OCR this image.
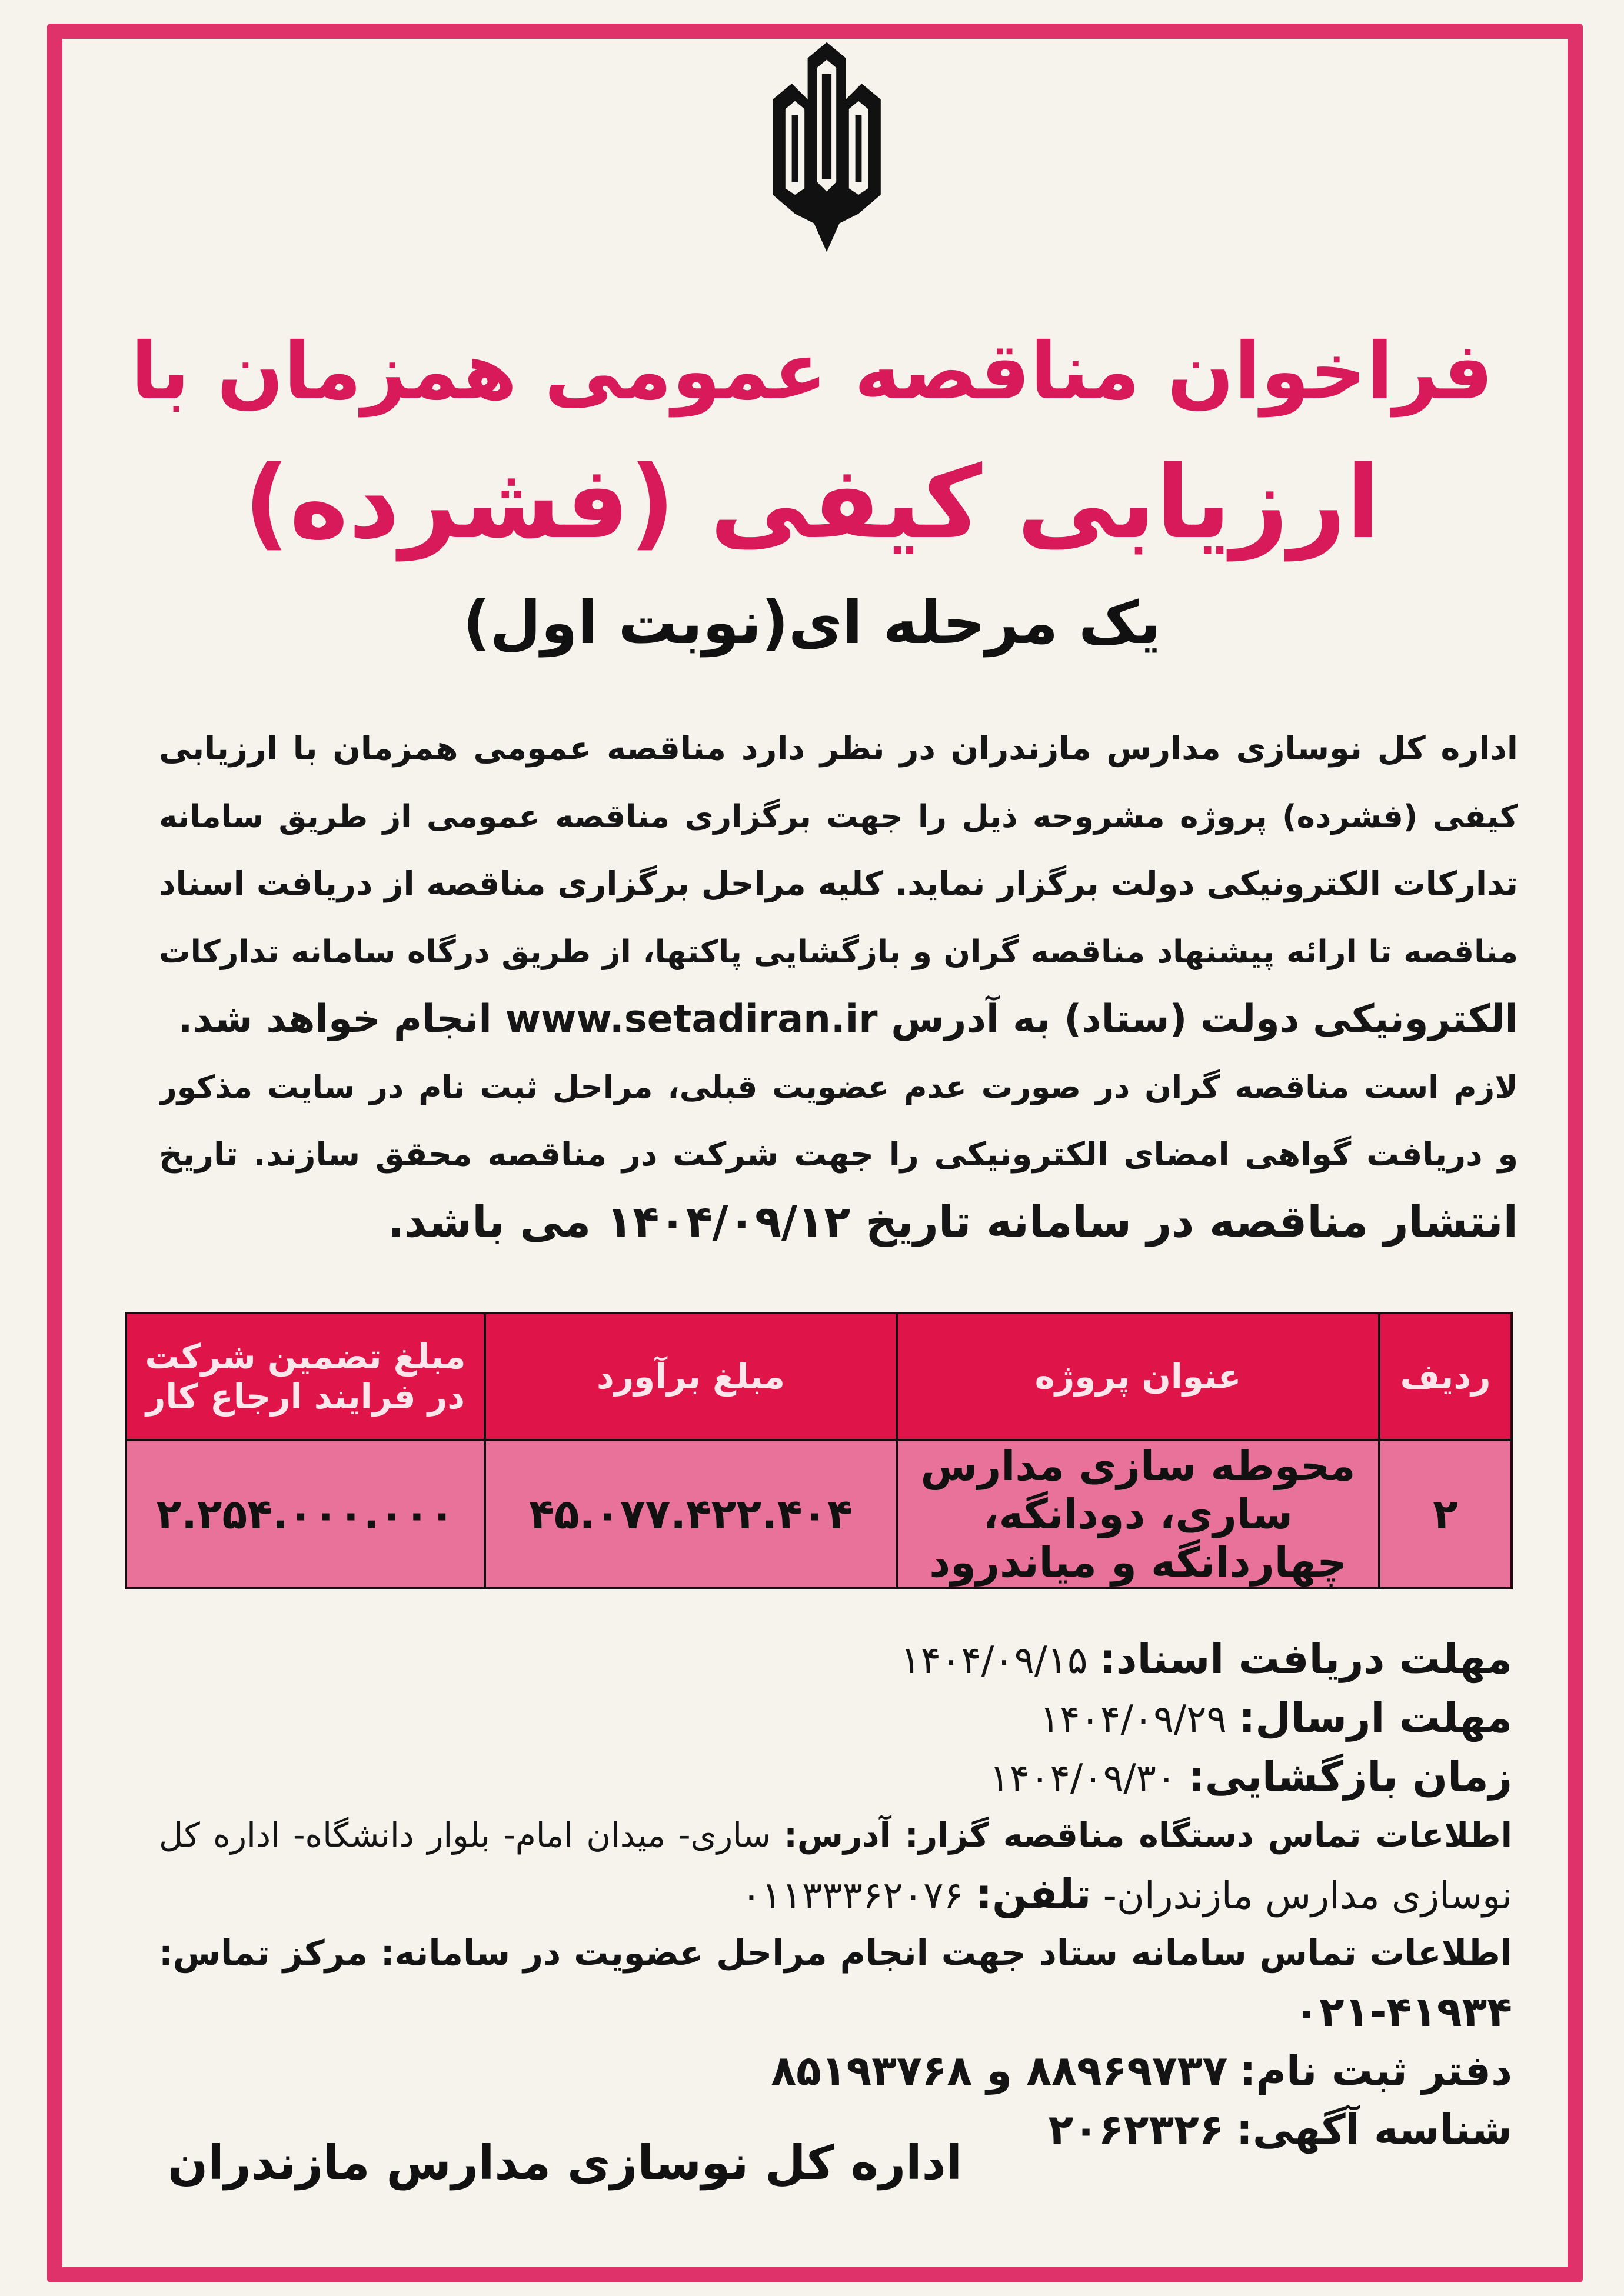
فراخوان مناقصه عمومی همزمان با
ارزیابی کیفی (فشرده)
یک مرحله ای(نوبت اول)
اداره کل نوسازی مدارس مازندران در نظر دارد مناقصه عمومی همزمان با ارزیابی
کیفی (فشرده) پروژه مشروحه ذیل را جهت برگزاری مناقصه عمومی از طریق سامانه
تدارکات الکترونیکی دولت برگزار نماید. کلیه مراحل برگزاری مناقصه از دریافت اسناد
مناقصه تا ارائه پیشنهاد مناقصه گران و بازگشایی پاکتها، از طریق درگاه سامانه تدارکات
الکترونیکی دولت (ستاد) به آدرس www.setadiran.ir انجام خواهد شد.
لازم است مناقصه گران در صورت عدم عضویت قبلی، مراحل ثبت نام در سایت مذکور
و دریافت گواهی امضای الکترونیکی را جهت شرکت در مناقصه محقق سازند. تاریخ
انتشار مناقصه در سامانه تاریخ ۱۴۰۴/۰۹/۱۲ می باشد.
ردیف	عنوان پروژه	مبلغ برآورد	مبلغ تضمین شرکت در فرایند ارجاع کار
۲	محوطه سازی مدارس ساری، دودانگه، چهاردانگه و میاندرود	۴۵.۰۷۷.۴۲۲.۴۰۴	۲.۲۵۴.۰۰۰.۰۰۰
مهلت دریافت اسناد: ۱۴۰۴/۰۹/۱۵
مهلت ارسال: ۱۴۰۴/۰۹/۲۹
زمان بازگشایی: ۱۴۰۴/۰۹/۳۰
اطلاعات تماس دستگاه مناقصه گزار: آدرس: ساری- میدان امام- بلوار دانشگاه- اداره کل
نوسازی مدارس مازندران- تلفن: ۰۱۱۳۳۳۶۲۰۷۶
اطلاعات تماس سامانه ستاد جهت انجام مراحل عضویت در سامانه: مرکز تماس:
۰۲۱-۴۱۹۳۴
دفتر ثبت نام: ۸۸۹۶۹۷۳۷ و ۸۵۱۹۳۷۶۸
شناسه آگهی: ۲۰۶۲۳۲۶
اداره کل نوسازی مدارس مازندران
